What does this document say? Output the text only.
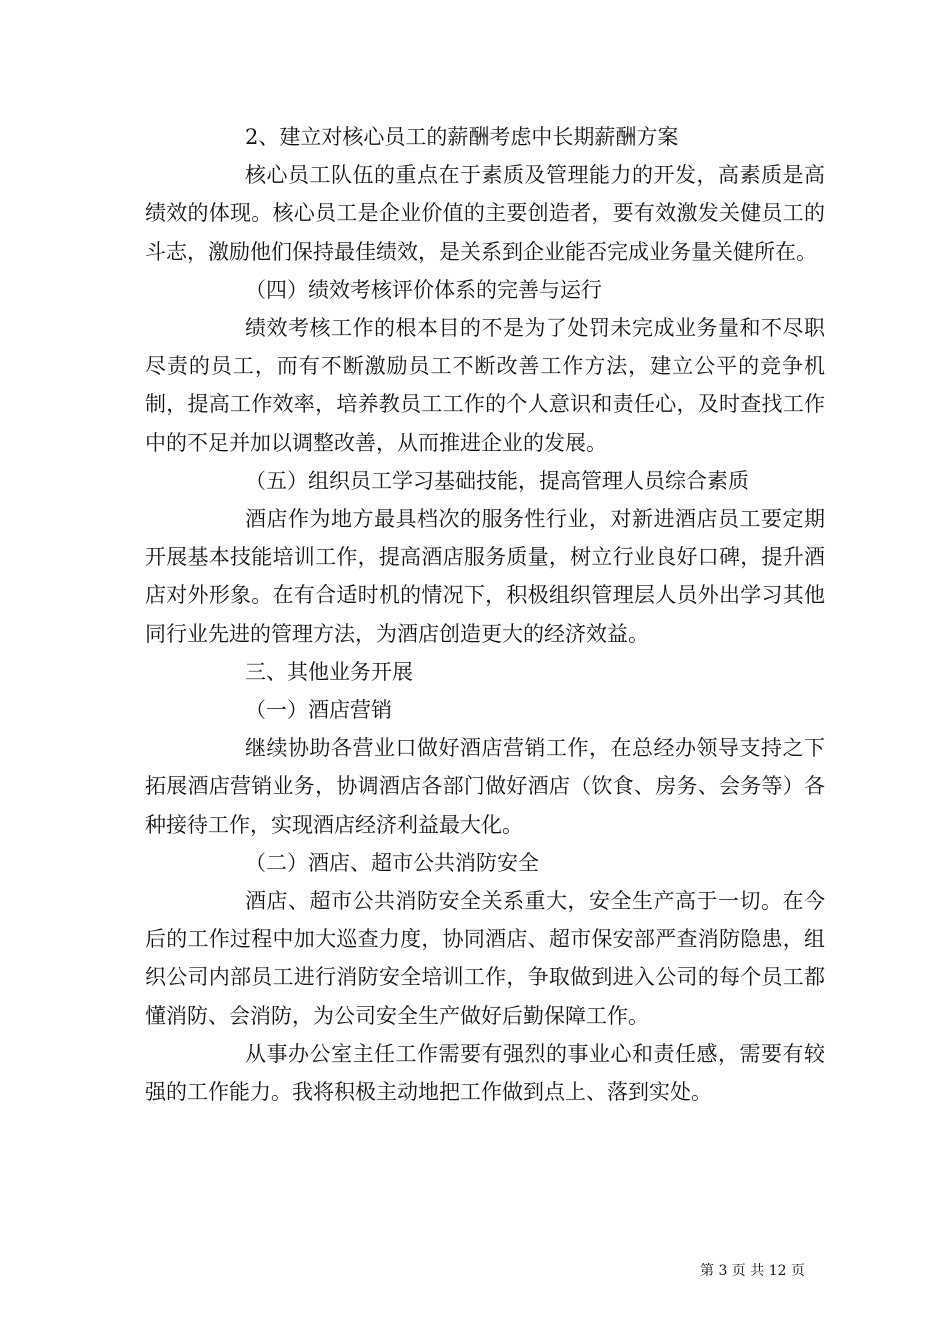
2、建立对核心员工的薪酬考虑中长期薪酬方案

核心员工队伍的重点在于素质及管理能力的开发，高素质是高绩效的体现。核心员工是企业价值的主要创造者，要有效激发关健员工的斗志，激励他们保持最佳绩效，是关系到企业能否完成业务量关健所在。

（四）绩效考核评价体系的完善与运行

绩效考核工作的根本目的不是为了处罚未完成业务量和不尽职尽责的员工，而有不断激励员工不断改善工作方法，建立公平的竞争机制，提高工作效率，培养教员工工作的个人意识和责任心，及时查找工作中的不足并加以调整改善，从而推进企业的发展。

（五）组织员工学习基础技能，提高管理人员综合素质

酒店作为地方最具档次的服务性行业，对新进酒店员工要定期开展基本技能培训工作，提高酒店服务质量，树立行业良好口碑，提升酒店对外形象。在有合适时机的情况下，积极组织管理层人员外出学习其他同行业先进的管理方法，为酒店创造更大的经济效益。

三、其他业务开展

（一）酒店营销

继续协助各营业口做好酒店营销工作，在总经办领导支持之下拓展酒店营销业务，协调酒店各部门做好酒店（饮食、房务、会务等）各种接待工作，实现酒店经济利益最大化。

（二）酒店、超市公共消防安全

酒店、超市公共消防安全关系重大，安全生产高于一切。在今后的工作过程中加大巡查力度，协同酒店、超市保安部严查消防隐患，组织公司内部员工进行消防安全培训工作，争取做到进入公司的每个员工都懂消防、会消防，为公司安全生产做好后勤保障工作。

从事办公室主任工作需要有强烈的事业心和责任感，需要有较强的工作能力。我将积极主动地把工作做到点上、落到实处。

第 3 页 共 12 页
